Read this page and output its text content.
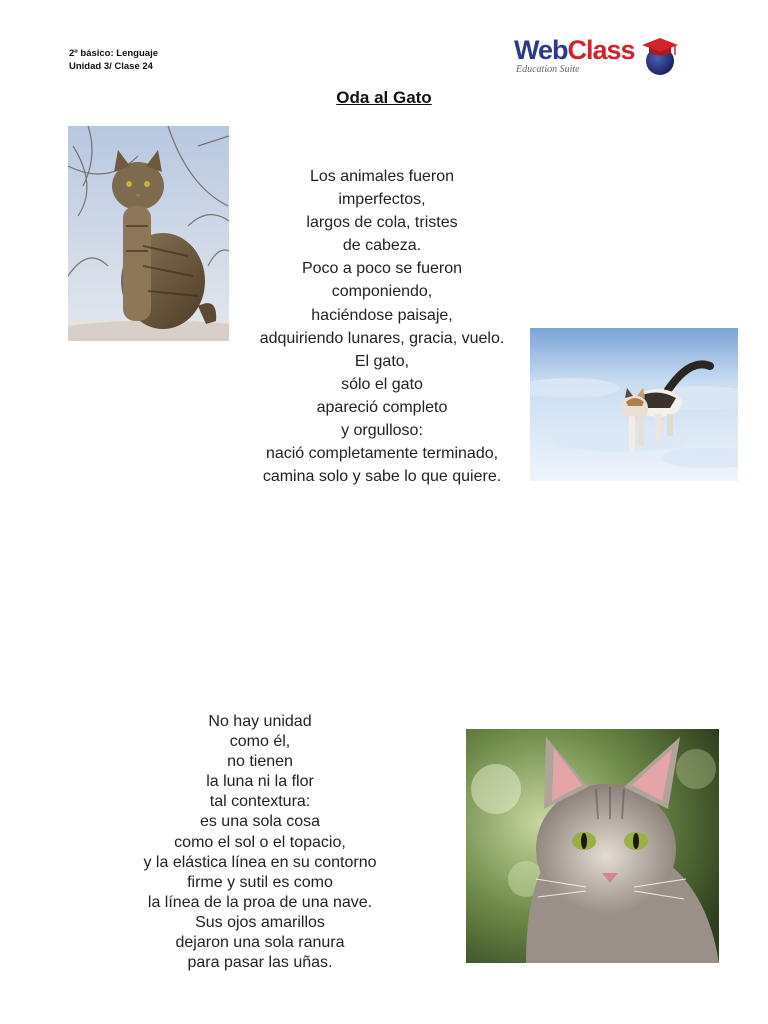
2º básico: Lenguaje
Unidad 3/ Clase 24
WebClass
Education Suite
Oda al Gato
Los animales fueron
imperfectos,
largos de cola, tristes
de cabeza.
Poco a poco se fueron
componiendo,
haciéndose paisaje,
adquiriendo lunares, gracia, vuelo.
El gato,
sólo el gato
apareció completo
y orgulloso:
nació completamente terminado,
camina solo y sabe lo que quiere.
No hay unidad
como él,
no tienen
la luna ni la flor
tal contextura:
es una sola cosa
como el sol o el topacio,
y la elástica línea en su contorno
firme y sutil es como
la línea de la proa de una nave.
Sus ojos amarillos
dejaron una sola ranura
para pasar las uñas.
